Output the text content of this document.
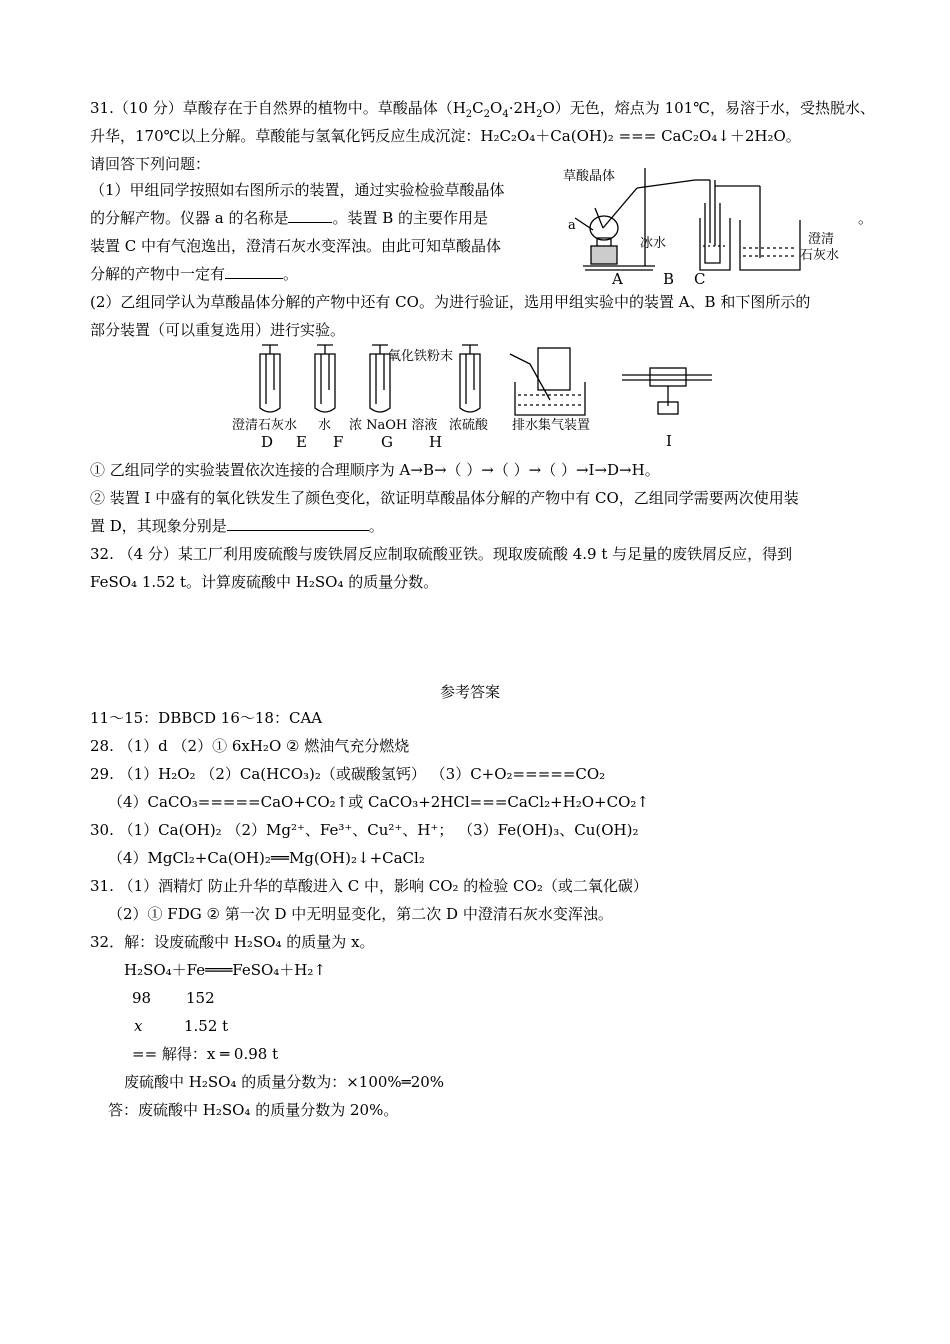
31.（10 分）草酸存在于自然界的植物中。草酸晶体$(H_2C_2O_4\cdot 2H_2O)$无色，熔点为 101℃，易溶于水，受热脱水、
升华，170℃以上分解。草酸能与氢氧化钙反应生成沉淀：H₂C₂O₄＋Ca(OH)₂ === CaC₂O₄↓＋2H₂O。
请回答下列问题：
（1）甲组同学按照如右图所示的装置，通过实验检验草酸晶体
的分解产物。仪器 a 的名称是	。装置 B 的主要作用是	。
装置 C 中有气泡逸出，澄清石灰水变浑浊。由此可知草酸晶体
分解的产物中一定有	。
草酸晶体
a
冰水	澄清
石灰水
A	B C
(2）乙组同学认为草酸晶体分解的产物中还有 CO。为进行验证，选用甲组实验中的装置 A、B 和下图所示的
部分装置（可以重复选用）进行实验。
氧化铁粉末
澄清石灰水 水 浓 NaOH 溶液 浓硫酸 排水集气装置
D E F	G H	I
① 乙组同学的实验装置依次连接的合理顺序为 A→B→（ ）→（ ）→（ ）→I→D→H。
② 装置 I 中盛有的氧化铁发生了颜色变化，欲证明草酸晶体分解的产物中有 CO，乙组同学需要两次使用装
置 D，其现象分别是	。
32. （4 分）某工厂利用废硫酸与废铁屑反应制取硫酸亚铁。现取废硫酸 4.9 t 与足量的废铁屑反应，得到
FeSO₄ 1.52 t。计算废硫酸中 H₂SO₄ 的质量分数。
参考答案
11～15：DBBCD 16～18：CAA
28. （1）d （2）① 6xH₂O ② 燃油气充分燃烧
29. （1）H₂O₂ （2）Ca(HCO₃)₂（或碳酸氢钙） （3）C+O₂=====CO₂
（4）CaCO₃=====CaO+CO₂↑或 CaCO₃+2HCl===CaCl₂+H₂O+CO₂↑
30. （1）Ca(OH)₂ （2）Mg²⁺、Fe³⁺、Cu²⁺、H⁺； （3）Fe(OH)₃、Cu(OH)₂
（4）MgCl₂+Ca(OH)₂══Mg(OH)₂↓+CaCl₂
31. （1）酒精灯 防止升华的草酸进入 C 中，影响 CO₂ 的检验 CO₂（或二氧化碳）
（2）① FDG ② 第一次 D 中无明显变化，第二次 D 中澄清石灰水变浑浊。
32．解：设废硫酸中 H₂SO₄ 的质量为 x。
H₂SO₄＋Fe═══FeSO₄＋H₂↑
98 152
x	1.52 t
== 解得：x ═ 0.98 t
废硫酸中 H₂SO₄ 的质量分数为：×100%═20%
答：废硫酸中 H₂SO₄ 的质量分数为 20%。
